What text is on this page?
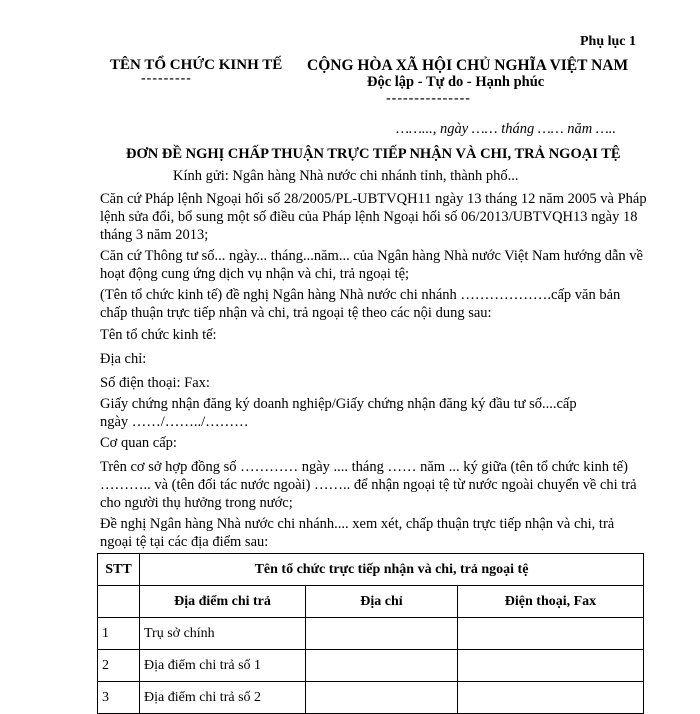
Phụ lục 1
TÊN TỔ CHỨC KINH TẾ
---------
CỘNG HÒA XÃ HỘI CHỦ NGHĨA VIỆT NAM
Độc lập - Tự do - Hạnh phúc
---------------
……..., ngày …… tháng …… năm …..
ĐƠN ĐỀ NGHỊ CHẤP THUẬN TRỰC TIẾP NHẬN VÀ CHI, TRẢ NGOẠI TỆ
Kính gửi: Ngân hàng Nhà nước chi nhánh tỉnh, thành phố...
Căn cứ Pháp lệnh Ngoại hối số 28/2005/PL-UBTVQH11 ngày 13 tháng 12 năm 2005 và Pháp
lệnh sửa đổi, bổ sung một số điều của Pháp lệnh Ngoại hối số 06/2013/UBTVQH13 ngày 18
tháng 3 năm 2013;
Căn cứ Thông tư số... ngày... tháng...năm... của Ngân hàng Nhà nước Việt Nam hướng dẫn về
hoạt động cung ứng dịch vụ nhận và chi, trả ngoại tệ;
(Tên tổ chức kinh tế) đề nghị Ngân hàng Nhà nước chi nhánh ……………….cấp văn bản
chấp thuận trực tiếp nhận và chi, trả ngoại tệ theo các nội dung sau:
Tên tổ chức kinh tế:
Địa chỉ:
Số điện thoại: Fax:
Giấy chứng nhận đăng ký doanh nghiệp/Giấy chứng nhận đăng ký đầu tư số....cấp
ngày ……/……../………
Cơ quan cấp:
Trên cơ sở hợp đồng số ………… ngày .... tháng …… năm ... ký giữa (tên tổ chức kinh tế)
……….. và (tên đối tác nước ngoài) …….. để nhận ngoại tệ từ nước ngoài chuyển về chi trả
cho người thụ hưởng trong nước;
Đề nghị Ngân hàng Nhà nước chi nhánh.... xem xét, chấp thuận trực tiếp nhận và chi, trả
ngoại tệ tại các địa điểm sau:
STT	Tên tổ chức trực tiếp nhận và chi, trả ngoại tệ		
	Địa điểm chi trả	Địa chỉ	Điện thoại, Fax
1	Trụ sở chính		
2	Địa điểm chi trả số 1		
3	Địa điểm chi trả số 2		
